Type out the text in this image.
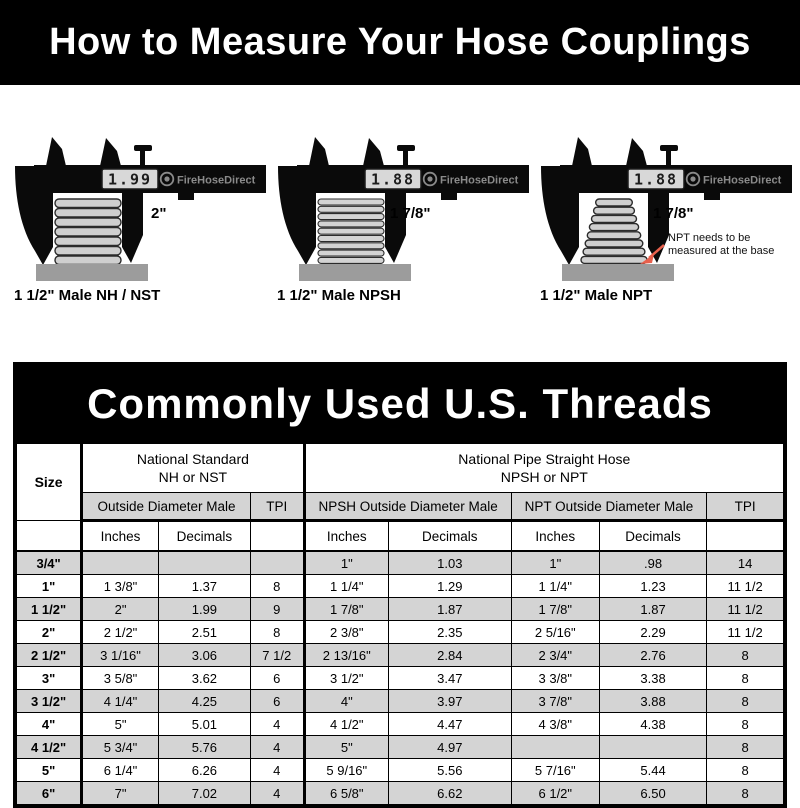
How to Measure Your Hose Couplings
1.99 FireHoseDirect
2"
1 1/2" Male NH / NST
1.88 FireHoseDirect
1 7/8"
1 1/2" Male NPSH
1.88 FireHoseDirect
1 7/8"
NPT needs to be
measured at the base
1 1/2" Male NPT
Commonly Used U.S. Threads
Size	National Standard
NH or NST			National Pipe Straight Hose
NPSH or NPT				
	Outside Diameter Male		TPI	NPSH Outside Diameter Male		NPT Outside Diameter Male		TPI
	Inches	Decimals		Inches	Decimals	Inches	Decimals	
3/4"				1"	1.03	1"	.98	14
1"	1 3/8"	1.37	8	1 1/4"	1.29	1 1/4"	1.23	11 1/2
1 1/2"	2"	1.99	9	1 7/8"	1.87	1 7/8"	1.87	11 1/2
2"	2 1/2"	2.51	8	2 3/8"	2.35	2 5/16"	2.29	11 1/2
2 1/2"	3 1/16"	3.06	7 1/2	2 13/16"	2.84	2 3/4"	2.76	8
3"	3 5/8"	3.62	6	3 1/2"	3.47	3 3/8"	3.38	8
3 1/2"	4 1/4"	4.25	6	4"	3.97	3 7/8"	3.88	8
4"	5"	5.01	4	4 1/2"	4.47	4 3/8"	4.38	8
4 1/2"	5 3/4"	5.76	4	5"	4.97			8
5"	6 1/4"	6.26	4	5 9/16"	5.56	5 7/16"	5.44	8
6"	7"	7.02	4	6 5/8"	6.62	6 1/2"	6.50	8
